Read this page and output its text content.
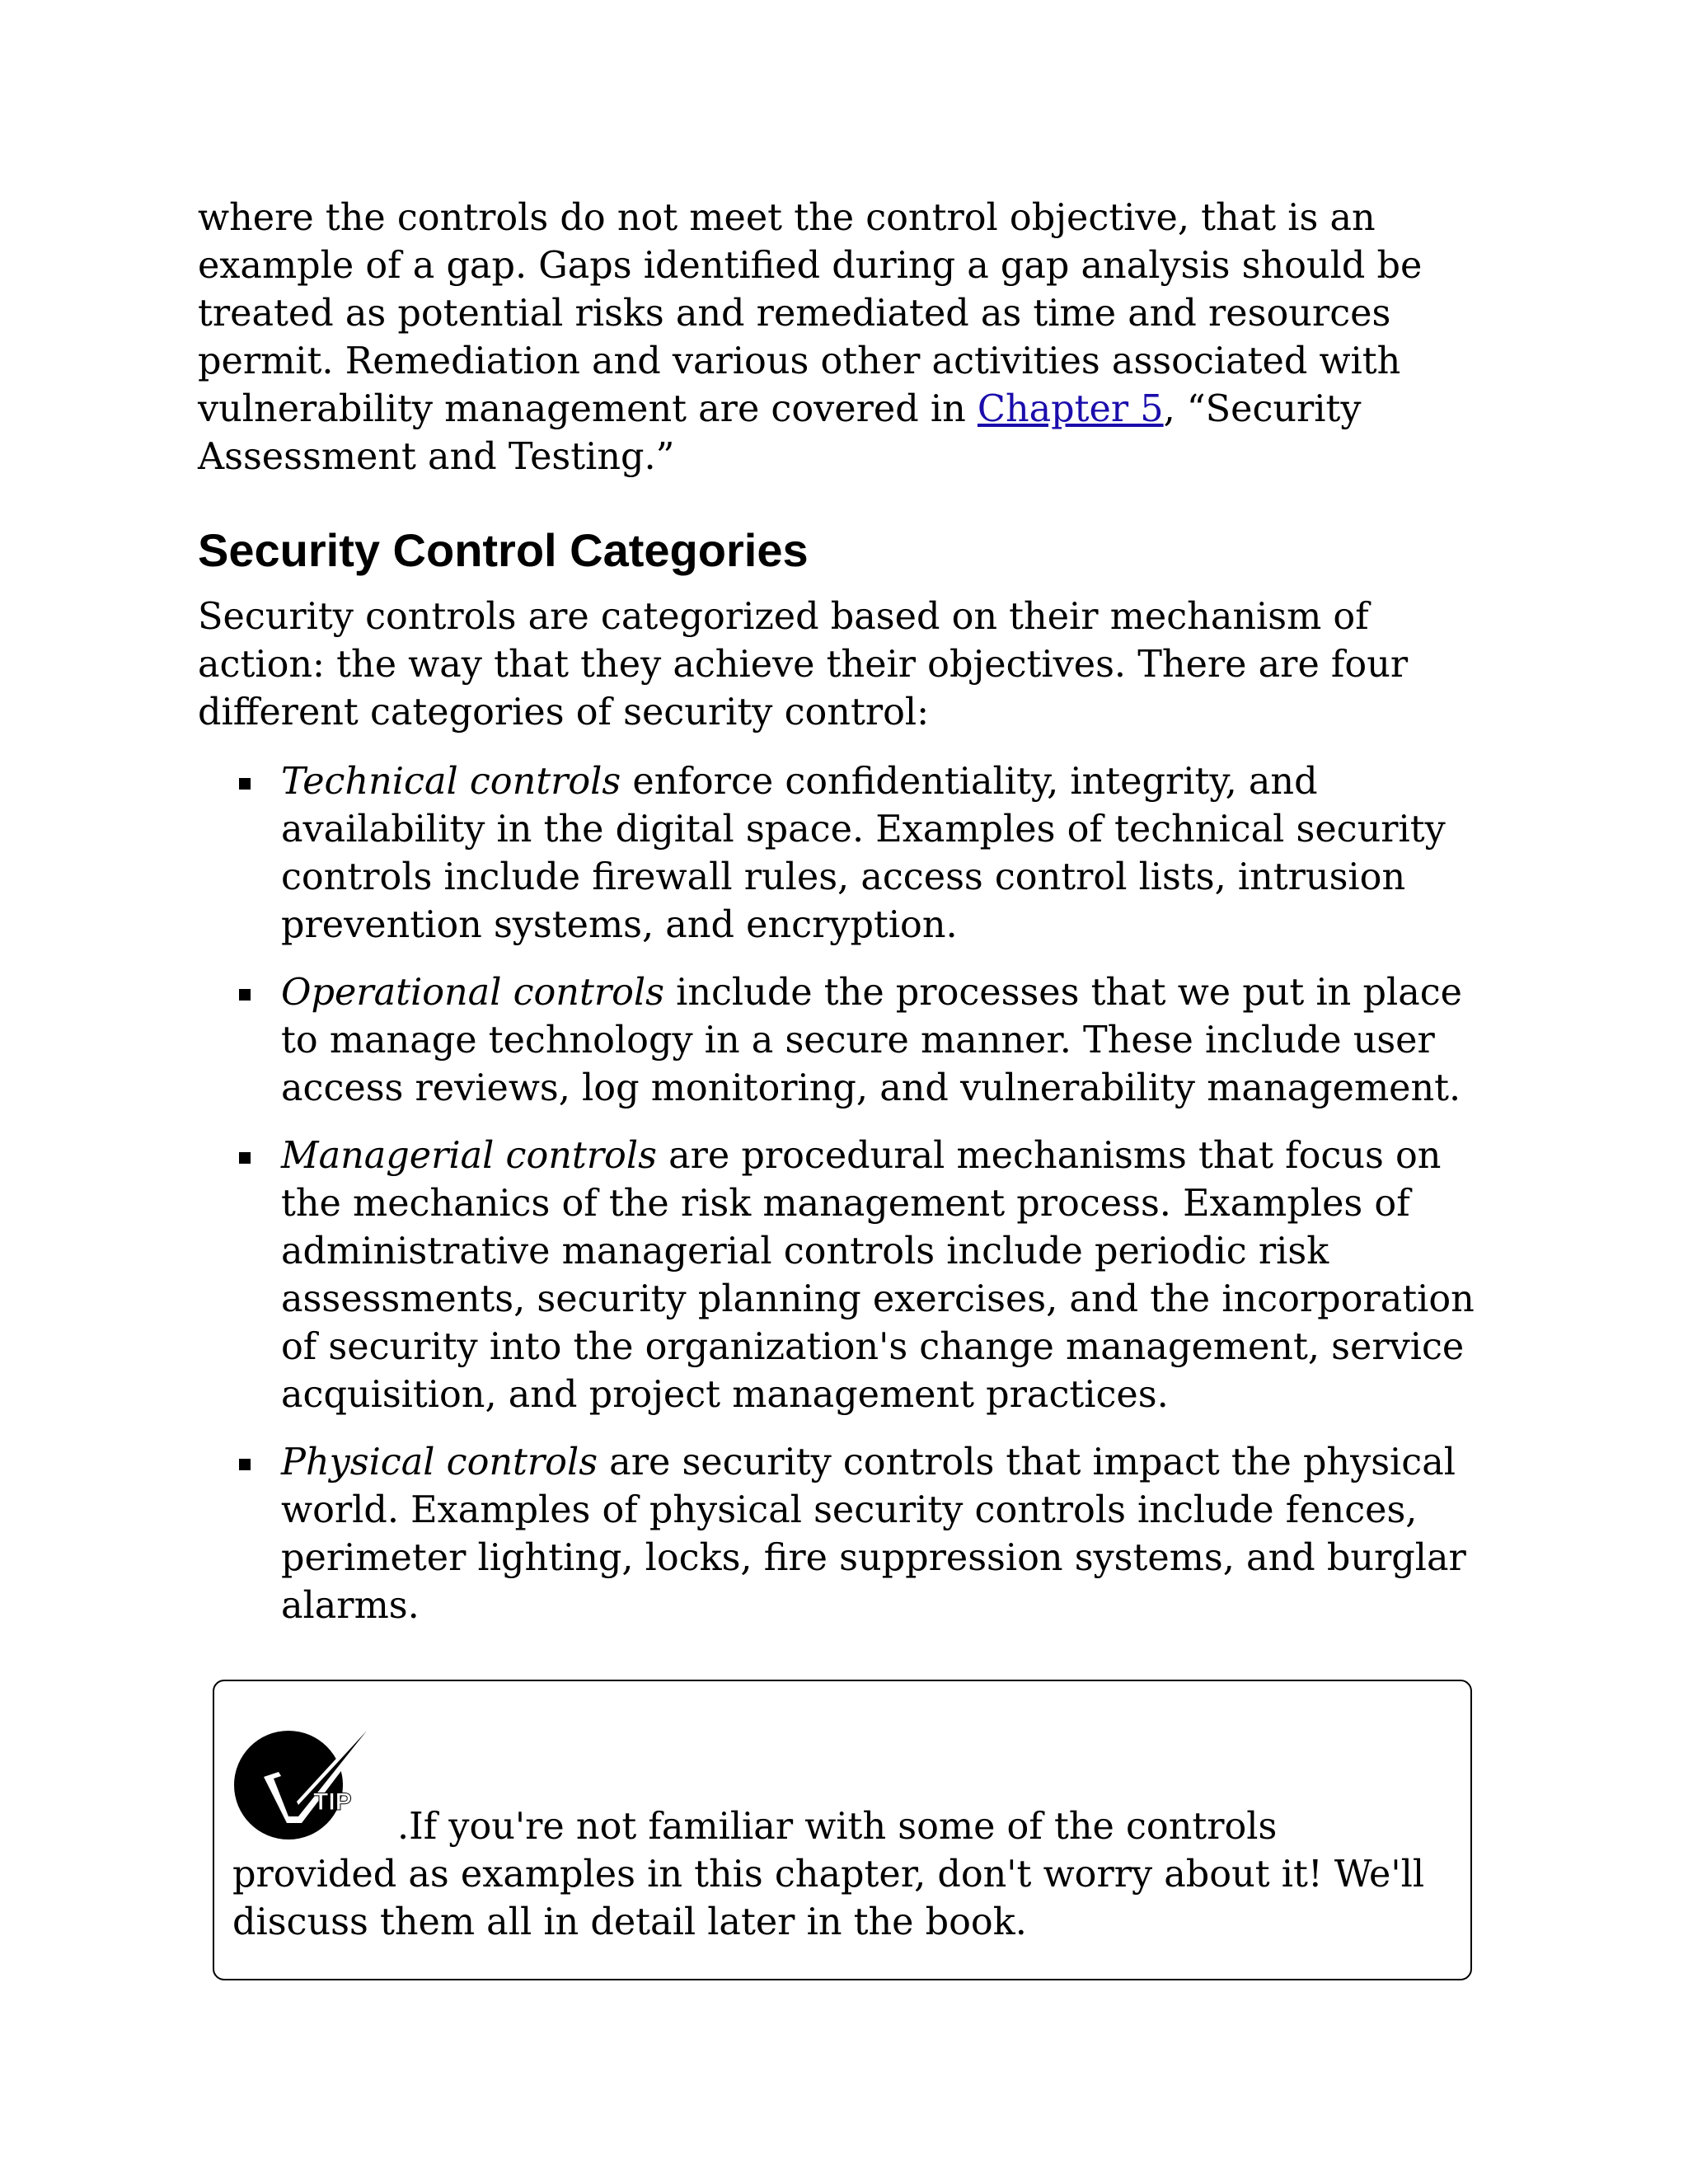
where the controls do not meet the control objective, that is an example of a gap. Gaps identified during a gap analysis should be treated as potential risks and remediated as time and resources permit. Remediation and various other activities associated with vulnerability management are covered in Chapter 5, “Security Assessment and Testing.”

Security Control Categories

Security controls are categorized based on their mechanism of action: the way that they achieve their objectives. There are four different categories of security control:

Technical controls enforce confidentiality, integrity, and availability in the digital space. Examples of technical security controls include firewall rules, access control lists, intrusion prevention systems, and encryption.
Operational controls include the processes that we put in place to manage technology in a secure manner. These include user access reviews, log monitoring, and vulnerability management.
Managerial controls are procedural mechanisms that focus on the mechanics of the risk management process. Examples of administrative managerial controls include periodic risk assessments, security planning exercises, and the incorporation of security into the organization's change management, service acquisition, and project management practices.
Physical controls are security controls that impact the physical world. Examples of physical security controls include fences, perimeter lighting, locks, fire suppression systems, and burglar alarms.
TIP
.If you're not familiar with some of the controls provided as examples in this chapter, don't worry about it! We'll discuss them all in detail later in the book.
